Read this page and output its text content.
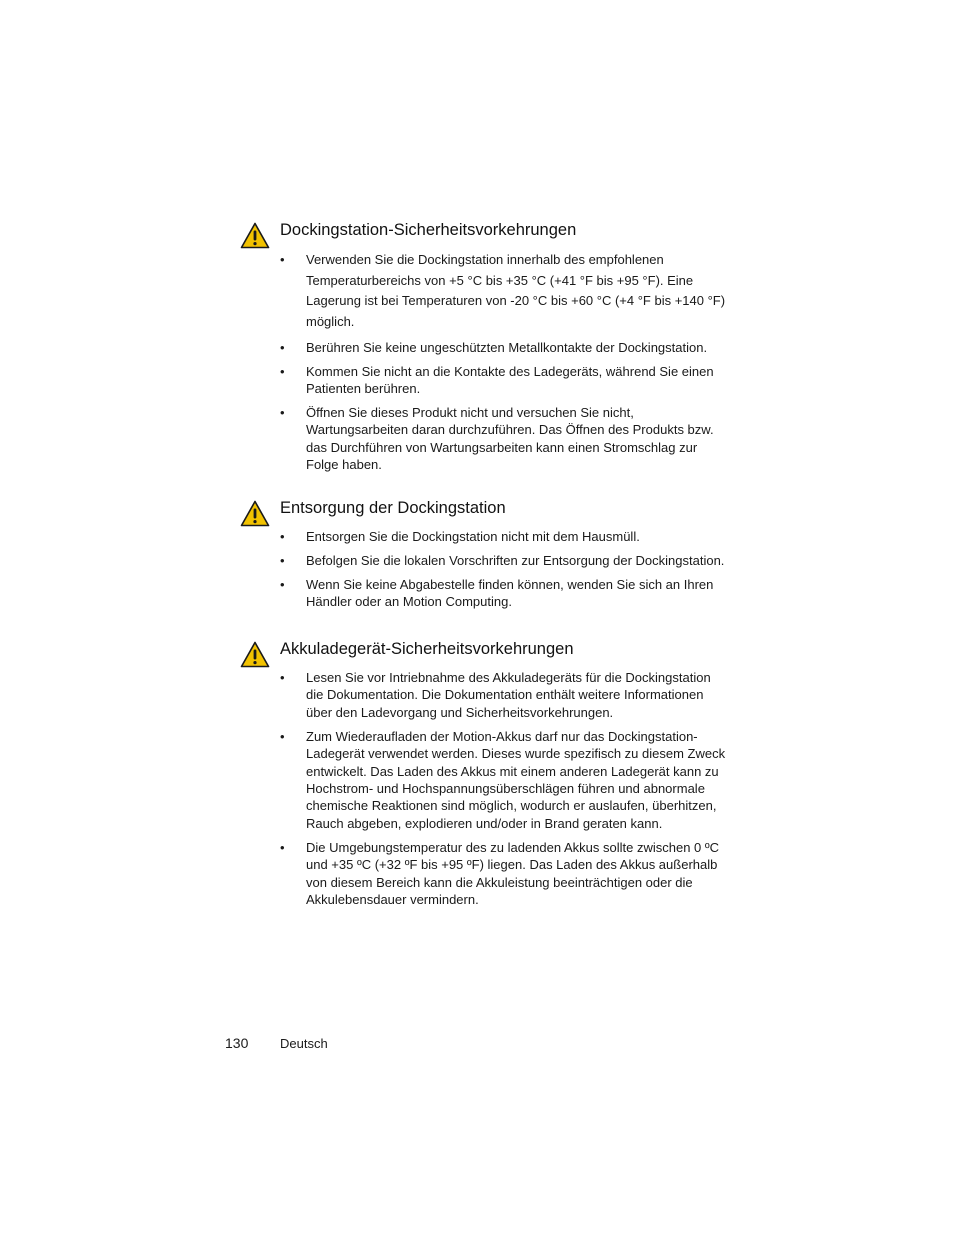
Dockingstation-Sicherheitsvorkehrungen
• Verwenden Sie die Dockingstation innerhalb des empfohlenen Temperaturbereichs von +5 °C bis +35 °C (+41 °F bis +95 °F). Eine Lagerung ist bei Temperaturen von -20 °C bis +60 °C (+4 °F bis +140 °F) möglich.
• Berühren Sie keine ungeschützten Metallkontakte der Dockingstation.
• Kommen Sie nicht an die Kontakte des Ladegeräts, während Sie einen Patienten berühren.
• Öffnen Sie dieses Produkt nicht und versuchen Sie nicht, Wartungsarbeiten daran durchzuführen. Das Öffnen des Produkts bzw. das Durchführen von Wartungsarbeiten kann einen Stromschlag zur Folge haben.
Entsorgung der Dockingstation
• Entsorgen Sie die Dockingstation nicht mit dem Hausmüll.
• Befolgen Sie die lokalen Vorschriften zur Entsorgung der Dockingstation.
• Wenn Sie keine Abgabestelle finden können, wenden Sie sich an Ihren Händler oder an Motion Computing.
Akkuladegerät-Sicherheitsvorkehrungen
• Lesen Sie vor Intriebnahme des Akkuladegeräts für die Dockingstation die Dokumentation. Die Dokumentation enthält weitere Informationen über den Ladevorgang und Sicherheitsvorkehrungen.
• Zum Wiederaufladen der Motion-Akkus darf nur das Dockingstation-Ladegerät verwendet werden. Dieses wurde spezifisch zu diesem Zweck entwickelt. Das Laden des Akkus mit einem anderen Ladegerät kann zu Hochstrom- und Hochspannungsüberschlägen führen und abnormale chemische Reaktionen sind möglich, wodurch er auslaufen, überhitzen, Rauch abgeben, explodieren und/oder in Brand geraten kann.
• Die Umgebungstemperatur des zu ladenden Akkus sollte zwischen 0 ºC und +35 ºC (+32 ºF bis +95 ºF) liegen. Das Laden des Akkus außerhalb von diesem Bereich kann die Akkuleistung beeinträchtigen oder die Akkulebensdauer vermindern.
130 Deutsch
